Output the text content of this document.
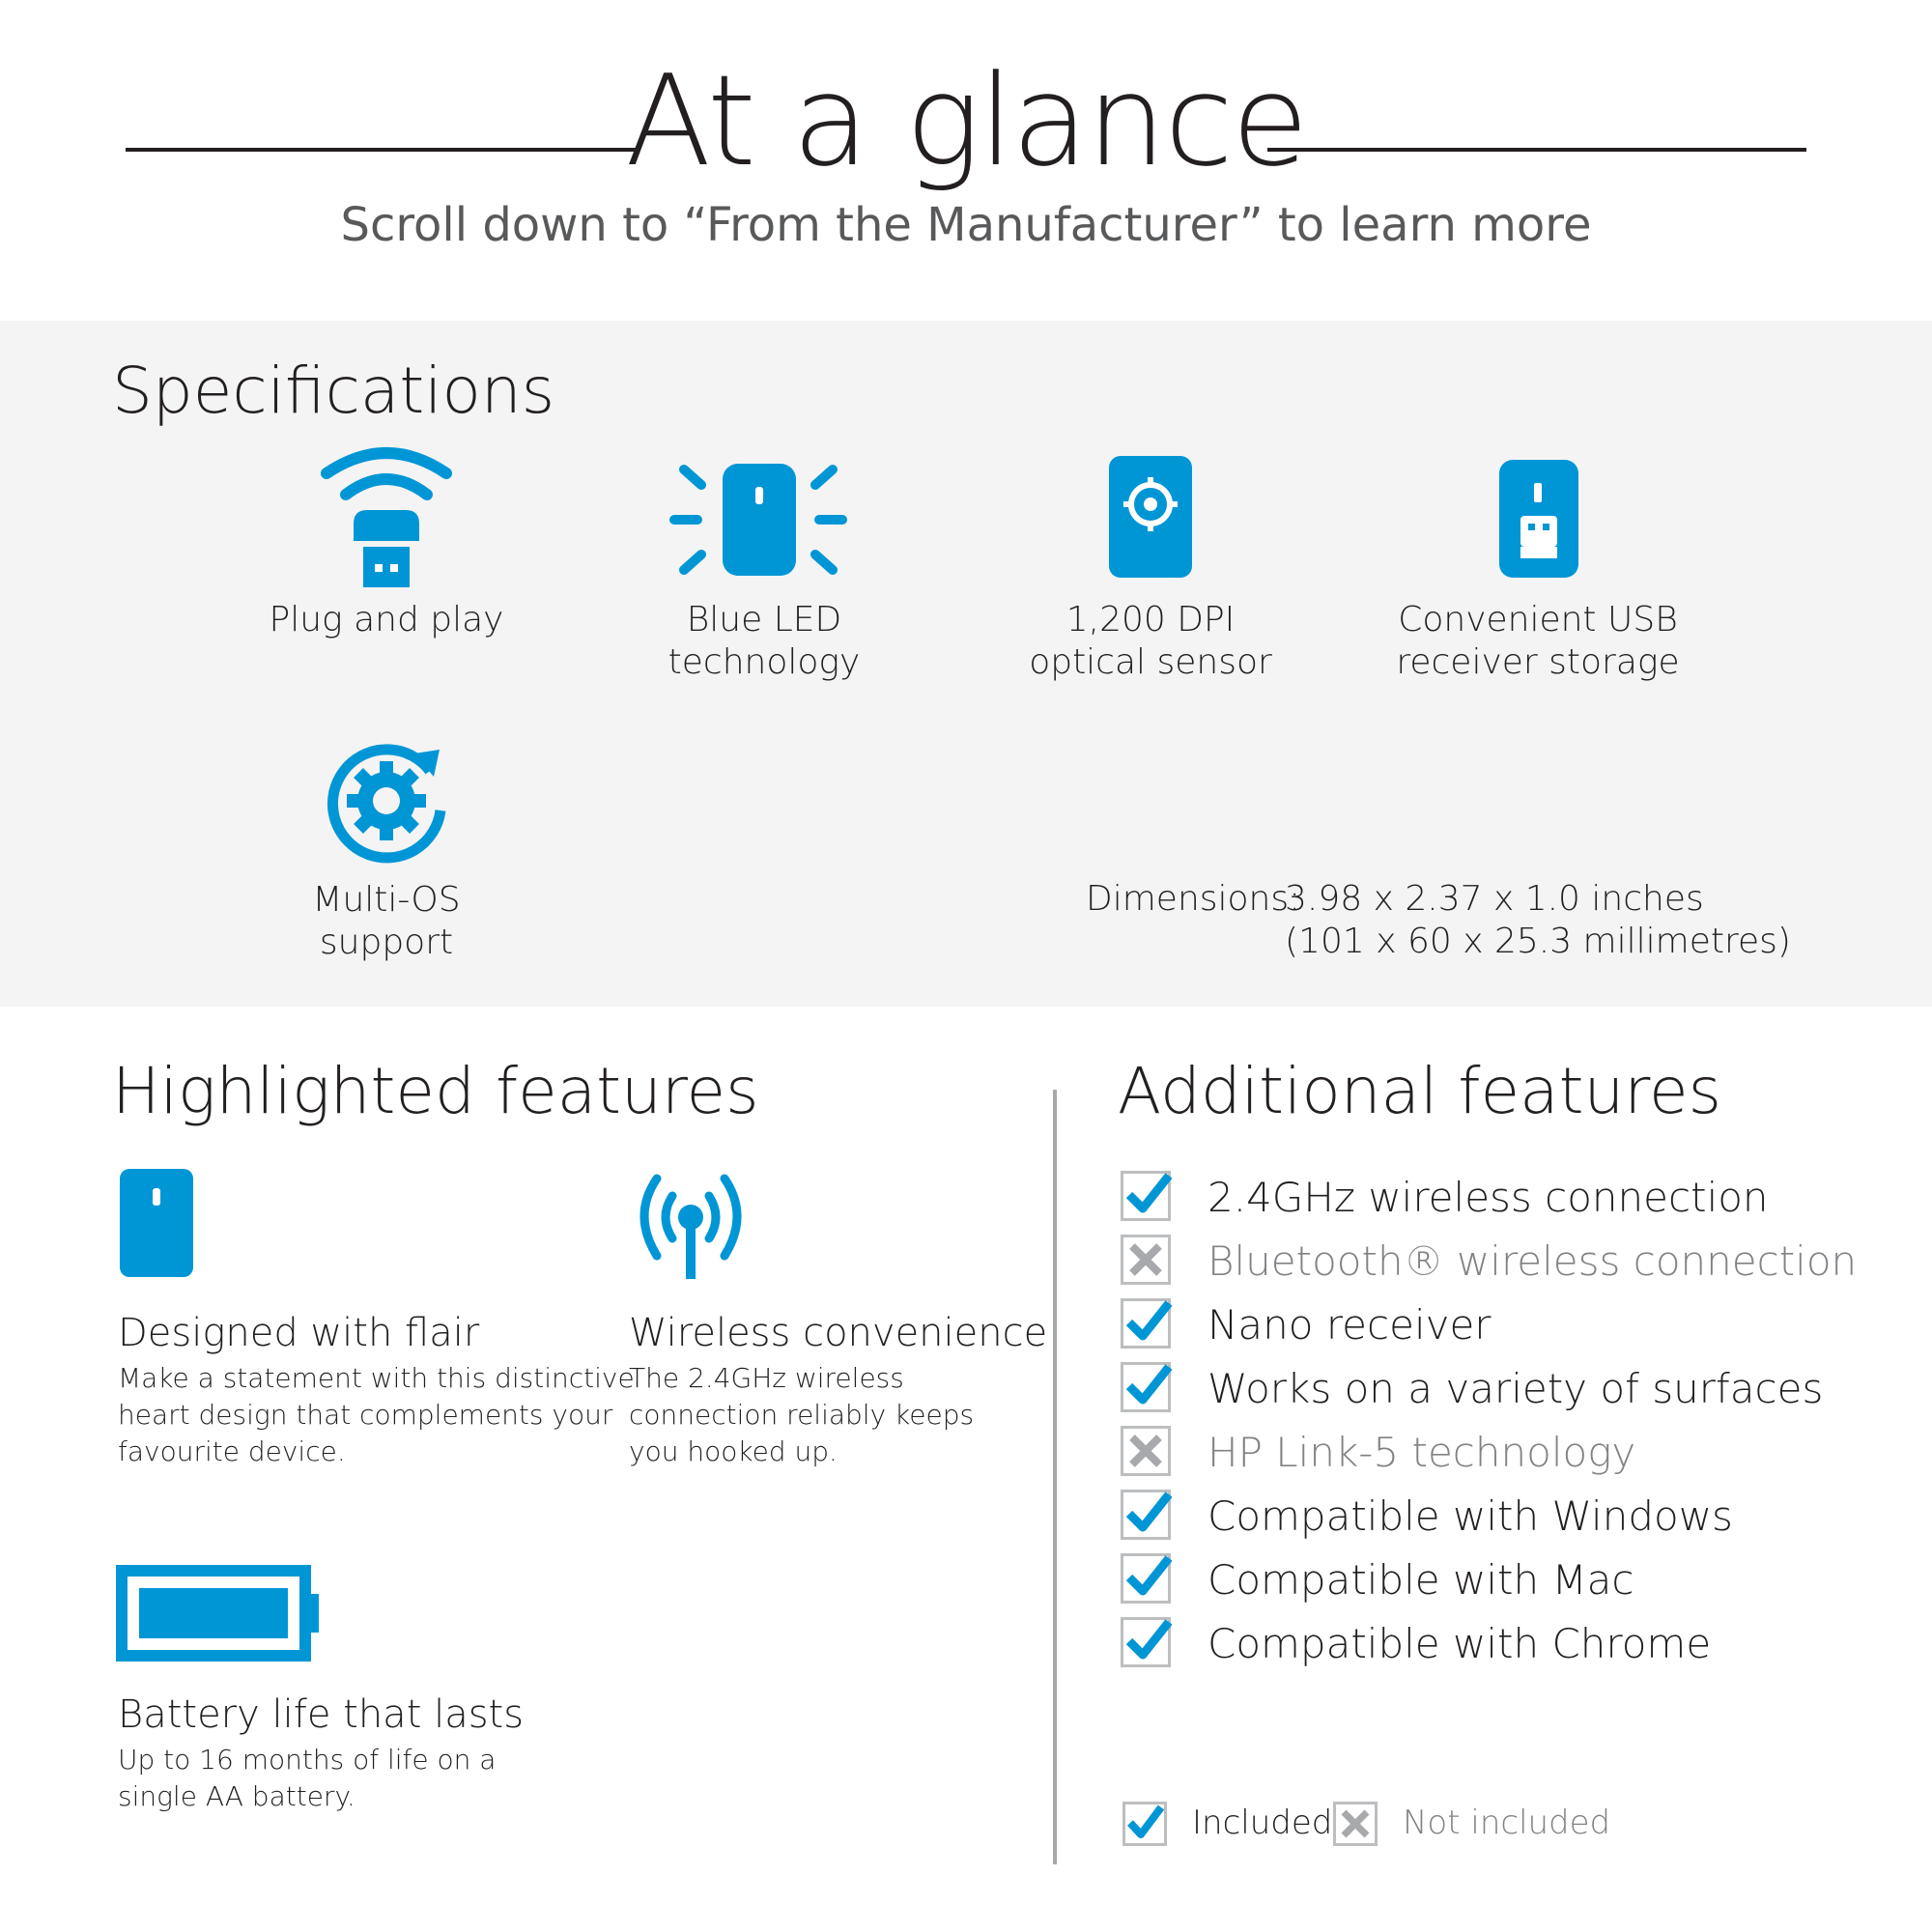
At a glance
Scroll down to “From the Manufacturer” to learn more
Specifications
Plug and play	Blue LED
technology
1,200 DPI
optical sensor
Convenient USB
receiver storage
Multi-OS
support
Dimensions:
3.98 x 2.37 x 1.0 inches
(101 x 60 x 25.3 millimetres)
Highlighted features
Designed with flair
Make a statement with this distinctive
heart design that complements your
favourite device.
Wireless convenience
The 2.4GHz wireless
connection reliably keeps
you hooked up.
Battery life that lasts
Up to 16 months of life on a
single AA battery.
Additional features
2.4GHz wireless connection
Bluetooth® wireless connection
Nano receiver
Works on a variety of surfaces
HP Link-5 technology
Compatible with Windows
Compatible with Mac
Compatible with Chrome
Included Not included
